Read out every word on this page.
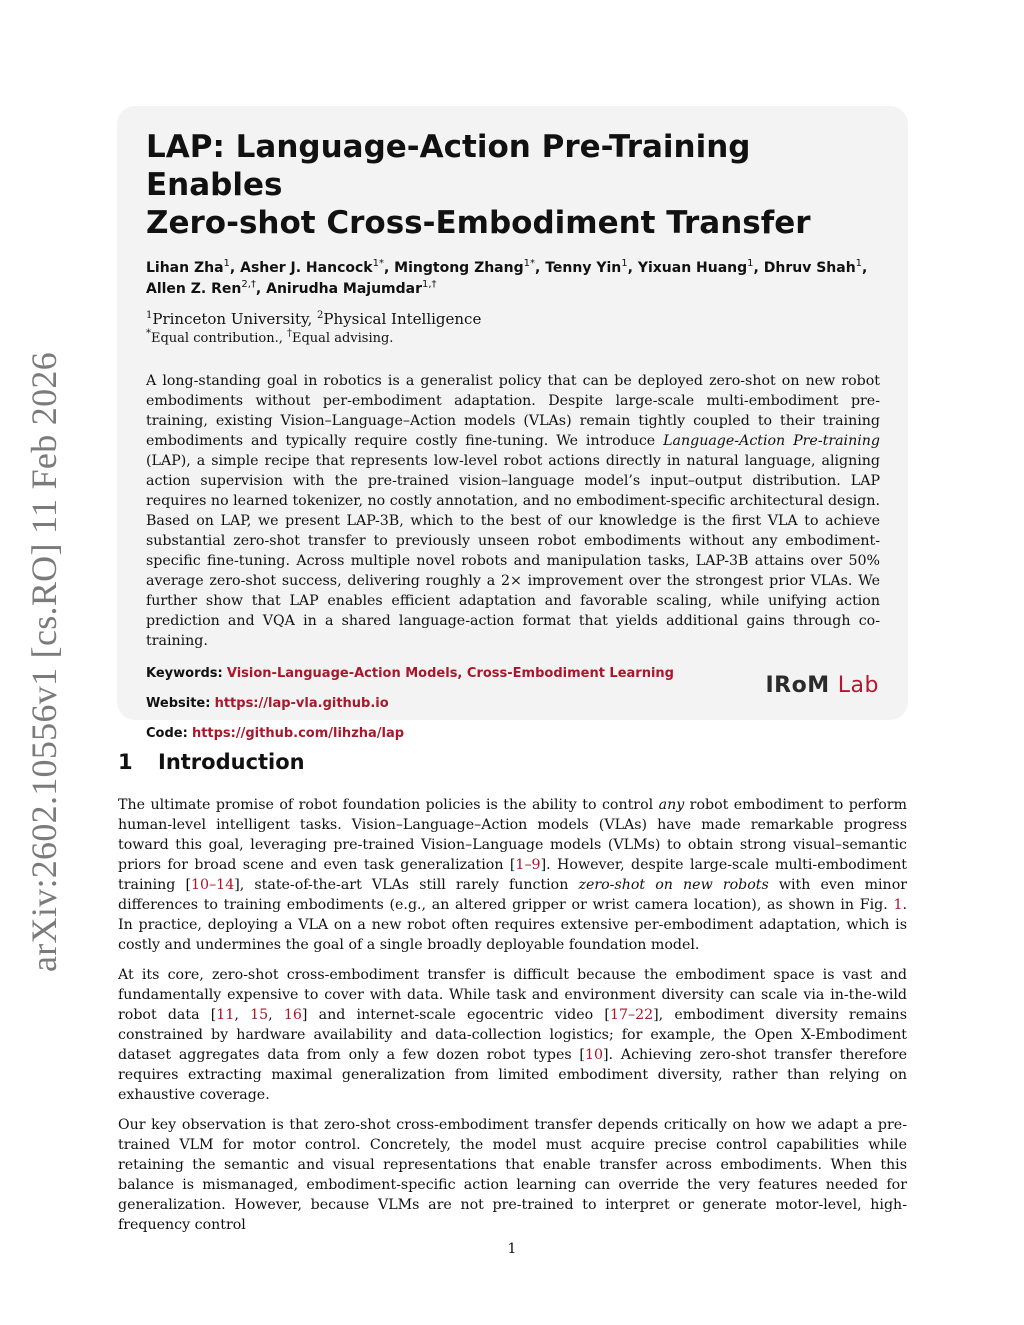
arXiv:2602.10556v1 [cs.RO] 11 Feb 2026
LAP: Language-Action Pre-Training Enables
Zero-shot Cross-Embodiment Transfer
Lihan Zha$^1$, Asher J. Hancock$^{1*}$, Mingtong Zhang$^{1*}$, Tenny Yin$^1$, Yixuan Huang$^1$, Dhruv Shah$^1$,
Allen Z. Ren$^{2,\dagger}$, Anirudha Majumdar$^{1,\dagger}$
$^1$Princeton University, $^2$Physical Intelligence
*Equal contribution., †Equal advising.
A long-standing goal in robotics is a generalist policy that can be deployed zero-shot on new robot embodiments without per-embodiment adaptation. Despite large-scale multi-embodiment pre-training, existing Vision–Language–Action models (VLAs) remain tightly coupled to their training embodiments and typically require costly fine-tuning. We introduce Language-Action Pre-training (LAP), a simple recipe that represents low-level robot actions directly in natural language, aligning action supervision with the pre-trained vision–language model’s input–output distribution. LAP requires no learned tokenizer, no costly annotation, and no embodiment-specific architectural design. Based on LAP, we present LAP-3B, which to the best of our knowledge is the first VLA to achieve substantial zero-shot transfer to previously unseen robot embodiments without any embodiment-specific fine-tuning. Across multiple novel robots and manipulation tasks, LAP-3B attains over 50% average zero-shot success, delivering roughly a 2× improvement over the strongest prior VLAs. We further show that LAP enables efficient adaptation and favorable scaling, while unifying action prediction and VQA in a shared language-action format that yields additional gains through co-training.
Keywords: Vision-Language-Action Models, Cross-Embodiment Learning
Website: https://lap-vla.github.io
Code: https://github.com/lihzha/lap
IRoM Lab
1 Introduction

The ultimate promise of robot foundation policies is the ability to control any robot embodiment to perform human-level intelligent tasks. Vision–Language–Action models (VLAs) have made remarkable progress toward this goal, leveraging pre-trained Vision–Language models (VLMs) to obtain strong visual–semantic priors for broad scene and even task generalization [1–9]. However, despite large-scale multi-embodiment training [10–14], state-of-the-art VLAs still rarely function zero-shot on new robots with even minor differences to training embodiments (e.g., an altered gripper or wrist camera location), as shown in Fig. 1. In practice, deploying a VLA on a new robot often requires extensive per-embodiment adaptation, which is costly and undermines the goal of a single broadly deployable foundation model.

At its core, zero-shot cross-embodiment transfer is difficult because the embodiment space is vast and fundamentally expensive to cover with data. While task and environment diversity can scale via in-the-wild robot data [11, 15, 16] and internet-scale egocentric video [17–22], embodiment diversity remains constrained by hardware availability and data-collection logistics; for example, the Open X-Embodiment dataset aggregates data from only a few dozen robot types [10]. Achieving zero-shot transfer therefore requires extracting maximal generalization from limited embodiment diversity, rather than relying on exhaustive coverage.

Our key observation is that zero-shot cross-embodiment transfer depends critically on how we adapt a pre-trained VLM for motor control. Concretely, the model must acquire precise control capabilities while retaining the semantic and visual representations that enable transfer across embodiments. When this balance is mismanaged, embodiment-specific action learning can override the very features needed for generalization. However, because VLMs are not pre-trained to interpret or generate motor-level, high-frequency control

1
